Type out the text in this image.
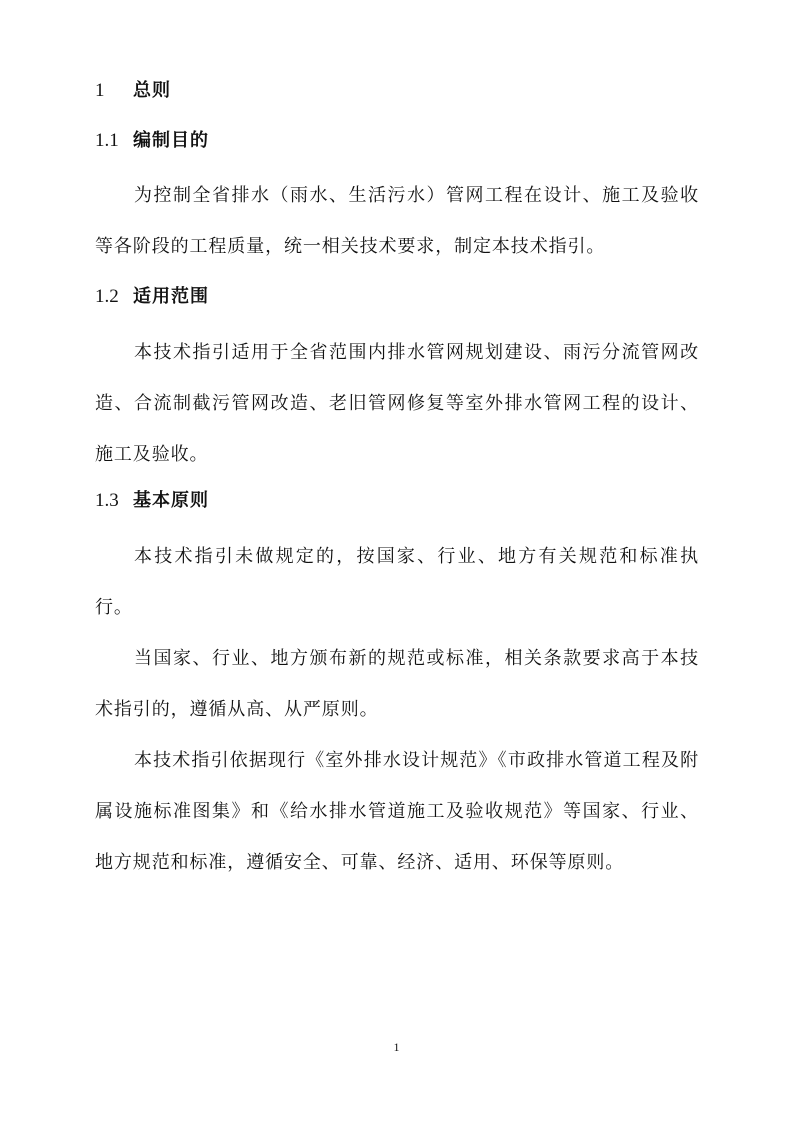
1 总则
1.1 编制目的
为控制全省排水（雨水、生活污水）管网工程在设计、施工及验收等各阶段的工程质量，统一相关技术要求，制定本技术指引。
1.2 适用范围
本技术指引适用于全省范围内排水管网规划建设、雨污分流管网改造、合流制截污管网改造、老旧管网修复等室外排水管网工程的设计、施工及验收。
1.3 基本原则
本技术指引未做规定的，按国家、行业、地方有关规范和标准执行。
当国家、行业、地方颁布新的规范或标准，相关条款要求高于本技术指引的，遵循从高、从严原则。
本技术指引依据现行《室外排水设计规范》《市政排水管道工程及附属设施标准图集》和《给水排水管道施工及验收规范》等国家、行业、地方规范和标准，遵循安全、可靠、经济、适用、环保等原则。
1
